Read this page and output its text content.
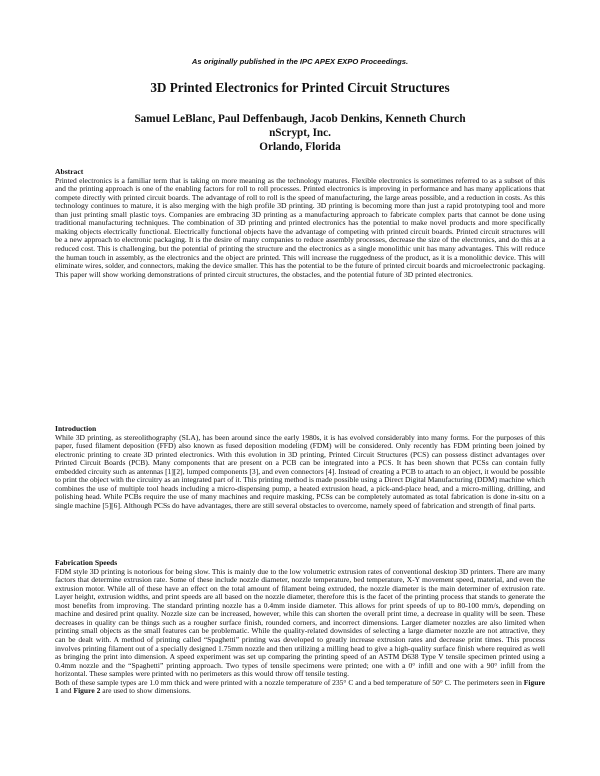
As originally published in the IPC APEX EXPO Proceedings.
3D Printed Electronics for Printed Circuit Structures
Samuel LeBlanc, Paul Deffenbaugh, Jacob Denkins, Kenneth Church
nScrypt, Inc.
Orlando, Florida
Abstract

Printed electronics is a familiar term that is taking on more meaning as the technology matures. Flexible electronics is sometimes referred to as a subset of this and the printing approach is one of the enabling factors for roll to roll processes. Printed electronics is improving in performance and has many applications that compete directly with printed circuit boards. The advantage of roll to roll is the speed of manufacturing, the large areas possible, and a reduction in costs. As this technology continues to mature, it is also merging with the high profile 3D printing. 3D printing is becoming more than just a rapid prototyping tool and more than just printing small plastic toys. Companies are embracing 3D printing as a manufacturing approach to fabricate complex parts that cannot be done using traditional manufacturing techniques. The combination of 3D printing and printed electronics has the potential to make novel products and more specifically making objects electrically functional. Electrically functional objects have the advantage of competing with printed circuit boards. Printed circuit structures will be a new approach to electronic packaging. It is the desire of many companies to reduce assembly processes, decrease the size of the electronics, and do this at a reduced cost. This is challenging, but the potential of printing the structure and the electronics as a single monolithic unit has many advantages. This will reduce the human touch in assembly, as the electronics and the object are printed. This will increase the ruggedness of the product, as it is a monolithic device. This will eliminate wires, solder, and connectors, making the device smaller. This has the potential to be the future of printed circuit boards and microelectronic packaging. This paper will show working demonstrations of printed circuit structures, the obstacles, and the potential future of 3D printed electronics.

Introduction

While 3D printing, as stereolithography (SLA), has been around since the early 1980s, it is has evolved considerably into many forms. For the purposes of this paper, fused filament deposition (FFD) also known as fused deposition modeling (FDM) will be considered. Only recently has FDM printing been joined by electronic printing to create 3D printed electronics. With this evolution in 3D printing, Printed Circuit Structures (PCS) can possess distinct advantages over Printed Circuit Boards (PCB). Many components that are present on a PCB can be integrated into a PCS. It has been shown that PCSs can contain fully embedded circuity such as antennas [1][2], lumped components [3], and even connectors [4]. Instead of creating a PCB to attach to an object, it would be possible to print the object with the circuitry as an integrated part of it. This printing method is made possible using a Direct Digital Manufacturing (DDM) machine which combines the use of multiple tool heads including a micro-dispensing pump, a heated extrusion head, a pick-and-place head, and a micro-milling, drilling, and polishing head. While PCBs require the use of many machines and require masking, PCSs can be completely automated as total fabrication is done in-situ on a single machine [5][6]. Although PCSs do have advantages, there are still several obstacles to overcome, namely speed of fabrication and strength of final parts.

Fabrication Speeds

FDM style 3D printing is notorious for being slow. This is mainly due to the low volumetric extrusion rates of conventional desktop 3D printers. There are many factors that determine extrusion rate. Some of these include nozzle diameter, nozzle temperature, bed temperature, X-Y movement speed, material, and even the extrusion motor. While all of these have an effect on the total amount of filament being extruded, the nozzle diameter is the main determiner of extrusion rate. Layer height, extrusion widths, and print speeds are all based on the nozzle diameter, therefore this is the facet of the printing process that stands to generate the most benefits from improving. The standard printing nozzle has a 0.4mm inside diameter. This allows for print speeds of up to 80-100 mm/s, depending on machine and desired print quality. Nozzle size can be increased, however, while this can shorten the overall print time, a decrease in quality will be seen. These decreases in quality can be things such as a rougher surface finish, rounded corners, and incorrect dimensions. Larger diameter nozzles are also limited when printing small objects as the small features can be problematic. While the quality-related downsides of selecting a large diameter nozzle are not attractive, they can be dealt with. A method of printing called “Spaghetti” printing was developed to greatly increase extrusion rates and decrease print times. This process involves printing filament out of a specially designed 1.75mm nozzle and then utilizing a milling head to give a high-quality surface finish where required as well as bringing the print into dimension. A speed experiment was set up comparing the printing speed of an ASTM D638 Type V tensile specimen printed using a 0.4mm nozzle and the “Spaghetti” printing approach. Two types of tensile specimens were printed; one with a 0° infill and one with a 90° infill from the horizontal. These samples were printed with no perimeters as this would throw off tensile testing.

Both of these sample types are 1.0 mm thick and were printed with a nozzle temperature of 235° C and a bed temperature of 50° C. The perimeters seen in Figure 1 and Figure 2 are used to show dimensions.
